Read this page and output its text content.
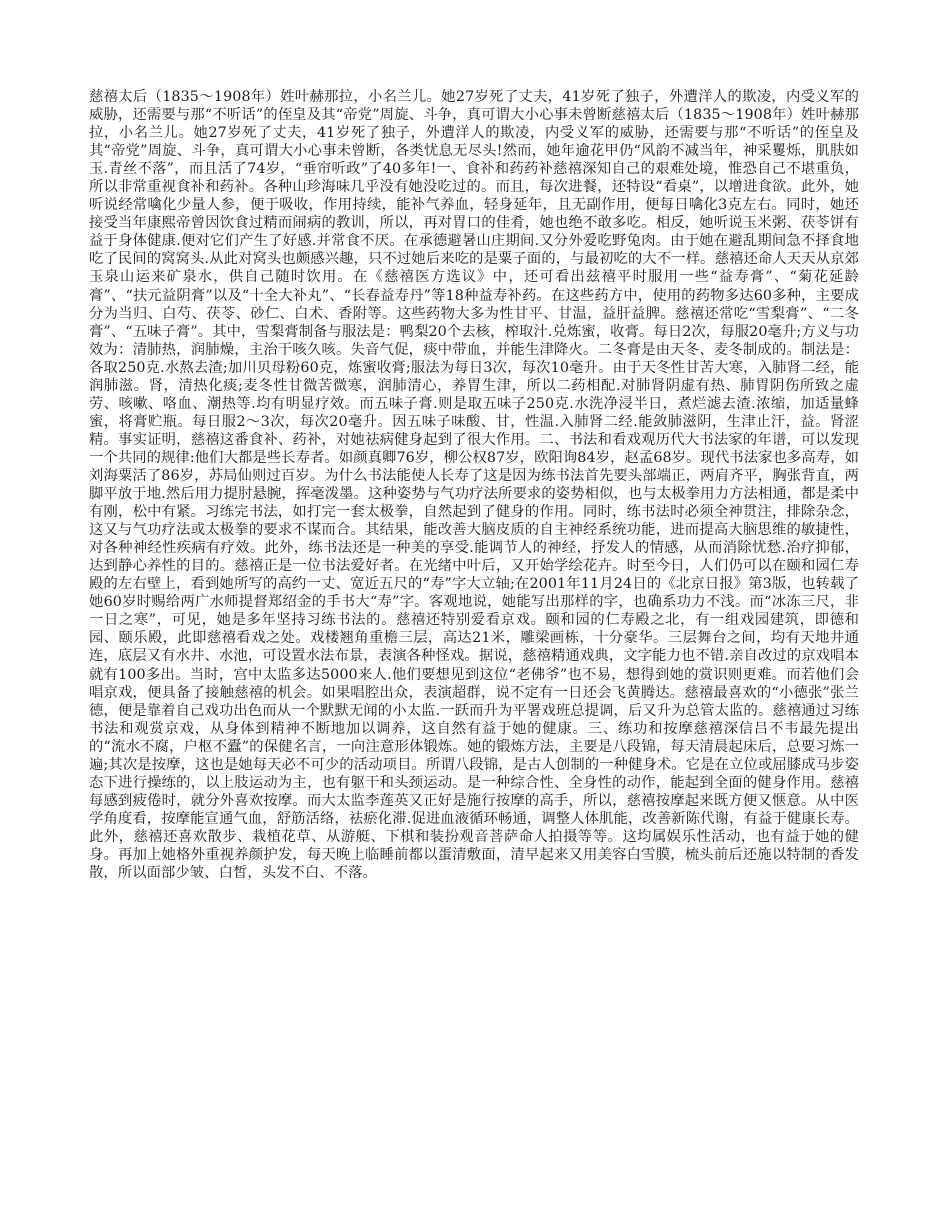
慈禧太后（1835～1908年）姓叶赫那拉，小名兰儿。她27岁死了丈夫，41岁死了独子，外遭洋人的欺凌，内受义军的威胁，还需要与那“不听话”的侄皇及其“帝党”周旋、斗争，真可谓大小心事未曾断慈禧太后（1835～1908年）姓叶赫那拉，小名兰儿。她27岁死了丈夫，41岁死了独子，外遭洋人的欺凌，内受义军的威胁，还需要与那“不听话”的侄皇及其“帝党”周旋、斗争，真可谓大小心事未曾断，各类忧息无尽头!然而，她年逾花甲仍“风韵不减当年，神采矍烁，肌肤如玉.青丝不落”，而且活了74岁，“垂帘听政”了40多年!一、食补和药药补慈禧深知自己的艰难处境，惟恐自己不堪重负，所以非常重视食补和药补。各种山珍海味几乎没有她没吃过的。而且，每次进餐，还特设“看桌”，以增进食欲。此外，她听说经常噙化少量人参，便于吸收，作用持续，能补气养血，轻身延年，且无副作用，便每日噙化3克左右。同时，她还接受当年康熙帝曾因饮食过精而闹病的教训，所以，再对胃口的佳肴，她也绝不敢多吃。相反，她听说玉米粥、茯苓饼有益于身体健康.便对它们产生了好感.并常食不厌。在承德避暑山庄期间.又分外爱吃野兔肉。由于她在避乱期间急不择食地吃了民间的窝窝头.从此对窝头也颇感兴趣，只不过她后来吃的是粟子面的，与最初吃的大不一样。慈禧还命人天天从京郊玉泉山运来矿泉水，供自己随时饮用。在《慈禧医方选议》中，还可看出兹禧平时服用一些“益寿膏”、“菊花延龄膏”、“扶元益阴膏”以及“十全大补丸”、“长春益寿丹”等18种益寿补药。在这些药方中，使用的药物多达60多种，主要成分为当归、白芍、茯苓、砂仁、白术、香附等。这些药物大多为性甘平、甘温，益肝益脾。慈禧还常吃“雪梨膏”、“二冬膏”、“五味子膏”。其中，雪梨膏制备与服法是：鸭梨20个去核，榨取汁.兑炼蜜，收膏。每日2次，每服20毫升;方义与功效为：清肺热，润肺燥，主治干咳久咳。失音气促，痰中带血，并能生津降火。二冬膏是由天冬、麦冬制成的。制法是：各取250克.水熬去渣;加川贝母粉60克，炼蜜收膏;服法为每日3次，每次10毫升。由于天冬性甘苦大寒，入肺肾二经，能润肺滋。肾，清热化痰;麦冬性甘微苦微寒，润肺清心，养胃生津，所以二药相配.对肺肾阴虚有热、肺胃阴伤所致之虚劳、咳嗽、咯血、潮热等.均有明显疗效。而五味子膏.则是取五味子250克.水洗净浸半日，煮烂滤去渣.浓缩，加适量蜂蜜，将膏贮瓶。每日服2～3次，每次20毫升。因五味子味酸、甘，性温.入肺肾二经.能敛肺滋阴，生津止汗，益。肾涩精。事实证明，慈禧这番食补、药补，对她祛病健身起到了很大作用。二、书法和看戏观历代大书法家的年谱，可以发现一个共同的规律:他们大都是些长寿者。如颜真卿76岁，柳公权87岁，欧阳询84岁，赵孟68岁。现代书法家也多高寿，如刘海粟活了86岁，苏局仙则过百岁。为什么书法能使人长寿了这是因为练书法首先要头部端正，两肩齐平，胸张背直，两脚平放于地.然后用力提肘悬腕，挥毫泼墨。这种姿势与气功疗法所要求的姿势相似，也与太极拳用力方法相通，都是柔中有刚，松中有紧。习练完书法，如打完一套太极拳，自然起到了健身的作用。同时，练书法时必须全神贯注，排除杂念，这又与气功疗法或太极拳的要求不谋而合。其结果，能改善大脑皮质的自主神经系统功能，进而提高大脑思维的敏捷性，对各种神经性疾病有疗效。此外，练书法还是一种美的享受.能调节人的神经，抒发人的情感，从而消除忧愁.治疗抑郁，达到静心养性的目的。慈禧正是一位书法爱好者。在光绪中叶后，又开始学绘花卉。时至今日，人们仍可以在颐和园仁寿殿的左右壁上，看到她所写的高约一丈、宽近五尺的“寿”字大立轴;在2001年11月24日的《北京日报》第3版，也转载了她60岁时赐给两广水师提督郑绍金的手书大“寿”字。客观地说，她能写出那样的字，也确系功力不浅。而“冰冻三尺，非一日之寒”，可见，她是多年坚持习练书法的。慈禧还特别爱看京戏。颐和园的仁寿殿之北，有一组戏园建筑，即德和园、颐乐殿，此即慈禧看戏之处。戏楼翘角重檐三层，高达21米，雕梁画栋，十分豪华。三层舞台之间，均有天地井通连，底层又有水井、水池，可设置水法布景，表演各种怪戏。据说，慈禧精通戏典，文字能力也不错.亲自改过的京戏唱本就有100多出。当时，宫中太监多达5000来人.他们要想见到这位“老佛爷”也不易，想得到她的赏识则更难。而若他们会唱京戏，便具备了接触慈禧的机会。如果唱腔出众，表演超群，说不定有一日还会飞黄腾达。慈禧最喜欢的“小德张”张兰德，便是靠着自己戏功出色而从一个默默无闻的小太监.一跃而升为平署戏班总提调，后又升为总管太监的。慈禧通过习练书法和观赏京戏，从身体到精神不断地加以调养，这自然有益于她的健康。三、练功和按摩慈禧深信吕不韦最先提出的“流水不腐，户枢不蠹”的保健名言，一向注意形体锻炼。她的锻炼方法，主要是八段锦，每天清晨起床后，总要习炼一遍;其次是按摩，这也是她每天必不可少的活动项目。所谓八段锦，是古人创制的一种健身术。它是在立位或屈膝成马步姿态下进行操练的，以上肢运动为主，也有躯干和头颈运动。是一种综合性、全身性的动作，能起到全面的健身作用。慈禧每感到疲倦时，就分外喜欢按摩。而大太监李莲英又正好是施行按摩的高手，所以，慈禧按摩起来既方便又惬意。从中医学角度看，按摩能宣通气血，舒筋活络，祛瘀化滞.促进血液循环畅通，调整人体肌能，改善新陈代谢，有益于健康长寿。此外，慈禧还喜欢散步、栽植花草、从游艇、下棋和装扮观音菩萨命人拍摄等等。这均属娱乐性活动，也有益于她的健身。再加上她格外重视养颜护发，每天晚上临睡前都以蛋清敷面，清早起来又用美容白雪膜，梳头前后还施以特制的香发散，所以面部少皱、白皙，头发不白、不落。
